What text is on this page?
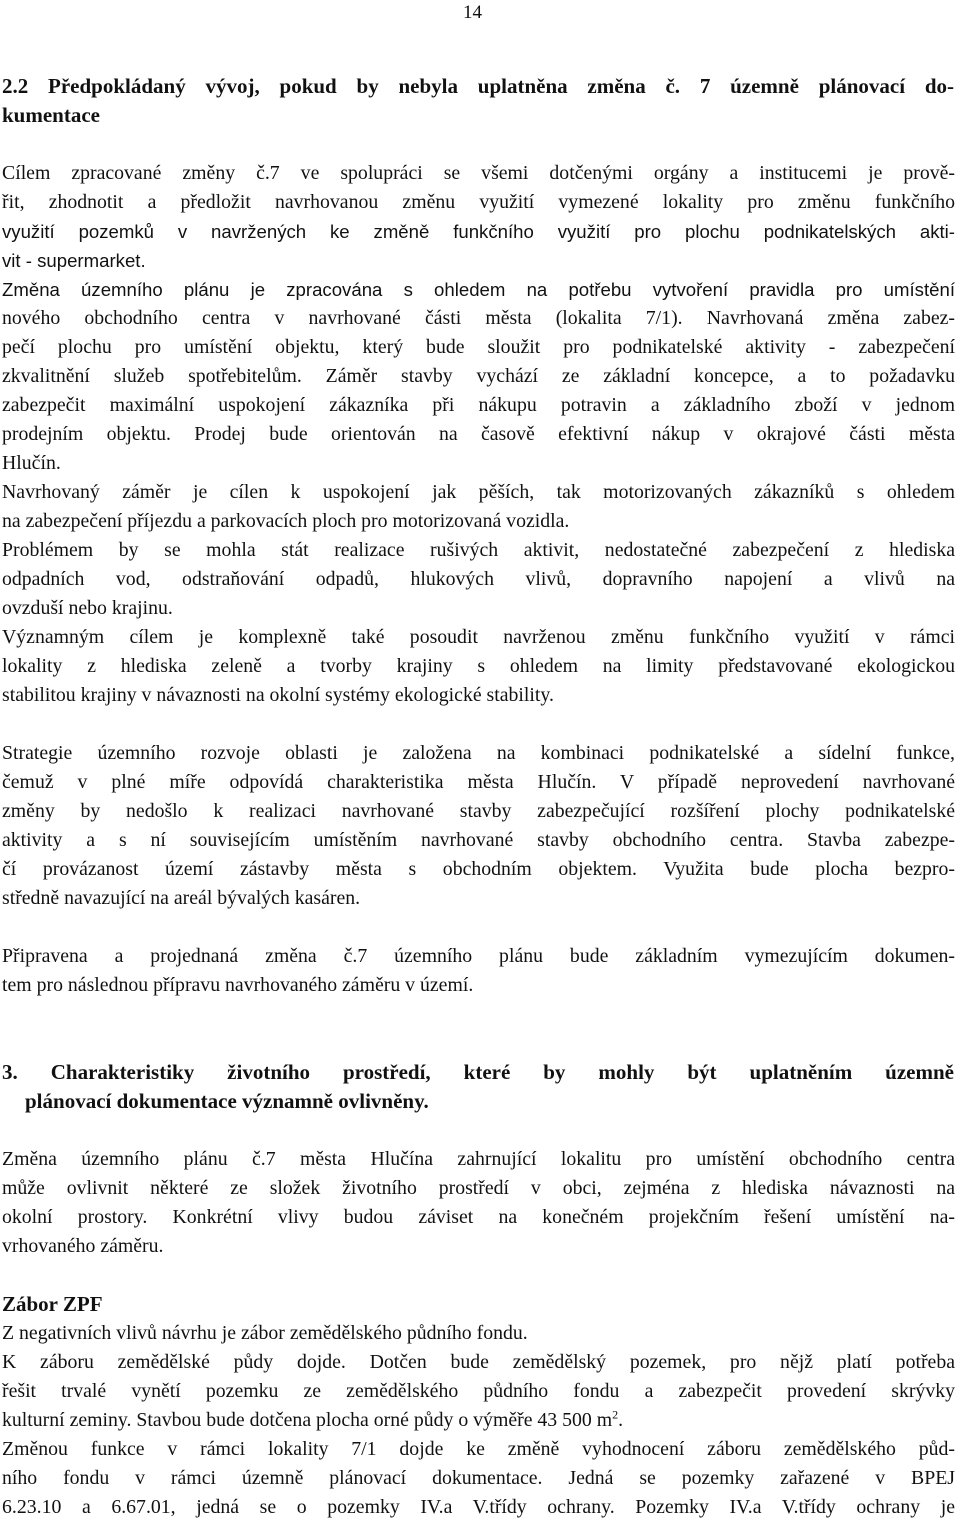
14
2.2 Předpokládaný vývoj, pokud by nebyla uplatněna změna č. 7 územně plánovací do-
kumentace
Cílem zpracované změny č.7 ve spolupráci se všemi dotčenými orgány a institucemi je prově-
řit, zhodnotit a předložit navrhovanou změnu využití vymezené lokality pro změnu funkčního
využití pozemků v navržených ke změně funkčního využití pro plochu podnikatelských akti-
vit - supermarket.
Změna územního plánu je zpracována s ohledem na potřebu vytvoření pravidla pro umístění
nového obchodního centra v navrhované části města (lokalita 7/1). Navrhovaná změna zabez-
pečí plochu pro umístění objektu, který bude sloužit pro podnikatelské aktivity - zabezpečení
zkvalitnění služeb spotřebitelům. Záměr stavby vychází ze základní koncepce, a to požadavku
zabezpečit maximální uspokojení zákazníka při nákupu potravin a základního zboží v jednom
prodejním objektu. Prodej bude orientován na časově efektivní nákup v okrajové části města
Hlučín.
Navrhovaný záměr je cílen k uspokojení jak pěších, tak motorizovaných zákazníků s ohledem
na zabezpečení příjezdu a parkovacích ploch pro motorizovaná vozidla.
Problémem by se mohla stát realizace rušivých aktivit, nedostatečné zabezpečení z hlediska
odpadních vod, odstraňování odpadů, hlukových vlivů, dopravního napojení a vlivů na
ovzduší nebo krajinu.
Významným cílem je komplexně také posoudit navrženou změnu funkčního využití v rámci
lokality z hlediska zeleně a tvorby krajiny s ohledem na limity představované ekologickou
stabilitou krajiny v návaznosti na okolní systémy ekologické stability.
Strategie územního rozvoje oblasti je založena na kombinaci podnikatelské a sídelní funkce,
čemuž v plné míře odpovídá charakteristika města Hlučín. V případě neprovedení navrhované
změny by nedošlo k realizaci navrhované stavby zabezpečující rozšíření plochy podnikatelské
aktivity a s ní souvisejícím umístěním navrhované stavby obchodního centra. Stavba zabezpe-
čí provázanost území zástavby města s obchodním objektem. Využita bude plocha bezpro-
středně navazující na areál bývalých kasáren.
Připravena a projednaná změna č.7 územního plánu bude základním vymezujícím dokumen-
tem pro následnou přípravu navrhovaného záměru v území.
3. Charakteristiky životního prostředí, které by mohly být uplatněním územně
plánovací dokumentace významně ovlivněny.
Změna územního plánu č.7 města Hlučína zahrnující lokalitu pro umístění obchodního centra
může ovlivnit některé ze složek životního prostředí v obci, zejména z hlediska návaznosti na
okolní prostory. Konkrétní vlivy budou záviset na konečném projekčním řešení umístění na-
vrhovaného záměru.
Zábor ZPF
Z negativních vlivů návrhu je zábor zemědělského půdního fondu.
K záboru zemědělské půdy dojde. Dotčen bude zemědělský pozemek, pro nějž platí potřeba
řešit trvalé vynětí pozemku ze zemědělského půdního fondu a zabezpečit provedení skrývky
kulturní zeminy. Stavbou bude dotčena plocha orné půdy o výměře 43 500 $m^2$.
Změnou funkce v rámci lokality 7/1 dojde ke změně vyhodnocení záboru zemědělského půd-
ního fondu v rámci územně plánovací dokumentace. Jedná se pozemky zařazené v BPEJ
6.23.10 a 6.67.01, jedná se o pozemky IV.a V.třídy ochrany. Pozemky IV.a V.třídy ochrany je
